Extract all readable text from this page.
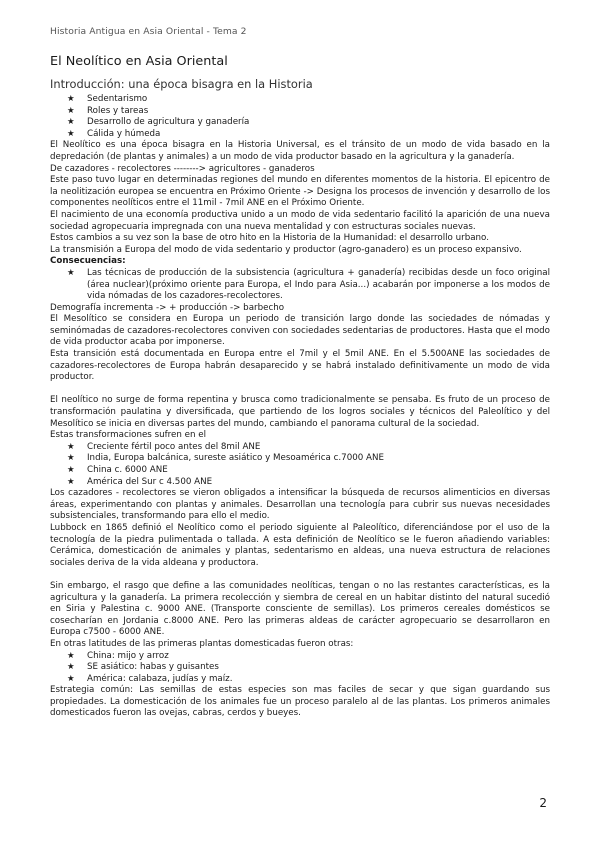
Historia Antigua en Asia Oriental - Tema 2
El Neolítico en Asia Oriental
Introducción: una época bisagra en la Historia
★ Sedentarismo
★ Roles y tareas
★ Desarrollo de agricultura y ganadería
★ Cálida y húmeda

El Neolítico es una época bisagra en la Historia Universal, es el tránsito de un modo de vida basado en la depredación (de plantas y animales) a un modo de vida productor basado en la agricultura y la ganadería.

De cazadores - recolectores --------> agricultores - ganaderos

Este paso tuvo lugar en determinadas regiones del mundo en diferentes momentos de la historia. El epicentro de la neolitización europea se encuentra en Próximo Oriente -> Designa los procesos de invención y desarrollo de los componentes neolíticos entre el 11mil - 7mil ANE en el Próximo Oriente.

El nacimiento de una economía productiva unido a un modo de vida sedentario facilitó la aparición de una nueva sociedad agropecuaria impregnada con una nueva mentalidad y con estructuras sociales nuevas.

Estos cambios a su vez son la base de otro hito en la Historia de la Humanidad: el desarrollo urbano.

La transmisión a Europa del modo de vida sedentario y productor (agro-ganadero) es un proceso expansivo.

Consecuencias:

★ Las técnicas de producción de la subsistencia (agricultura + ganadería) recibidas desde un foco original (área nuclear)(próximo oriente para Europa, el Indo para Asia...) acabarán por imponerse a los modos de vida nómadas de los cazadores-recolectores.

Demografía incrementa -> + producción -> barbecho

El Mesolítico se considera en Europa un periodo de transición largo donde las sociedades de nómadas y seminómadas de cazadores-recolectores conviven con sociedades sedentarias de productores. Hasta que el modo de vida productor acaba por imponerse.

Esta transición está documentada en Europa entre el 7mil y el 5mil ANE. En el 5.500ANE las sociedades de cazadores-recolectores de Europa habrán desaparecido y se habrá instalado definitivamente un modo de vida productor.

El neolítico no surge de forma repentina y brusca como tradicionalmente se pensaba. Es fruto de un proceso de transformación paulatina y diversificada, que partiendo de los logros sociales y técnicos del Paleolítico y del Mesolítico se inicia en diversas partes del mundo, cambiando el panorama cultural de la sociedad.

Estas transformaciones sufren en el

★ Creciente fértil poco antes del 8mil ANE
★ India, Europa balcánica, sureste asiático y Mesoamérica c.7000 ANE
★ China c. 6000 ANE
★ América del Sur c 4.500 ANE

Los cazadores - recolectores se vieron obligados a intensificar la búsqueda de recursos alimenticios en diversas áreas, experimentando con plantas y animales. Desarrollan una tecnología para cubrir sus nuevas necesidades subsistenciales, transformando para ello el medio.

Lubbock en 1865 definió el Neolítico como el periodo siguiente al Paleolítico, diferenciándose por el uso de la tecnología de la piedra pulimentada o tallada. A esta definición de Neolítico se le fueron añadiendo variables: Cerámica, domesticación de animales y plantas, sedentarismo en aldeas, una nueva estructura de relaciones sociales deriva de la vida aldeana y productora.

Sin embargo, el rasgo que define a las comunidades neolíticas, tengan o no las restantes características, es la agricultura y la ganadería. La primera recolección y siembra de cereal en un habitar distinto del natural sucedió en Siria y Palestina c. 9000 ANE. (Transporte consciente de semillas). Los primeros cereales domésticos se cosecharían en Jordania c.8000 ANE. Pero las primeras aldeas de carácter agropecuario se desarrollaron en Europa c7500 - 6000 ANE.

En otras latitudes de las primeras plantas domesticadas fueron otras:

★ China: mijo y arroz
★ SE asiático: habas y guisantes
★ América: calabaza, judías y maíz.

Estrategia común: Las semillas de estas especies son mas faciles de secar y que sigan guardando sus propiedades. La domesticación de los animales fue un proceso paralelo al de las plantas. Los primeros animales domesticados fueron las ovejas, cabras, cerdos y bueyes.

2
